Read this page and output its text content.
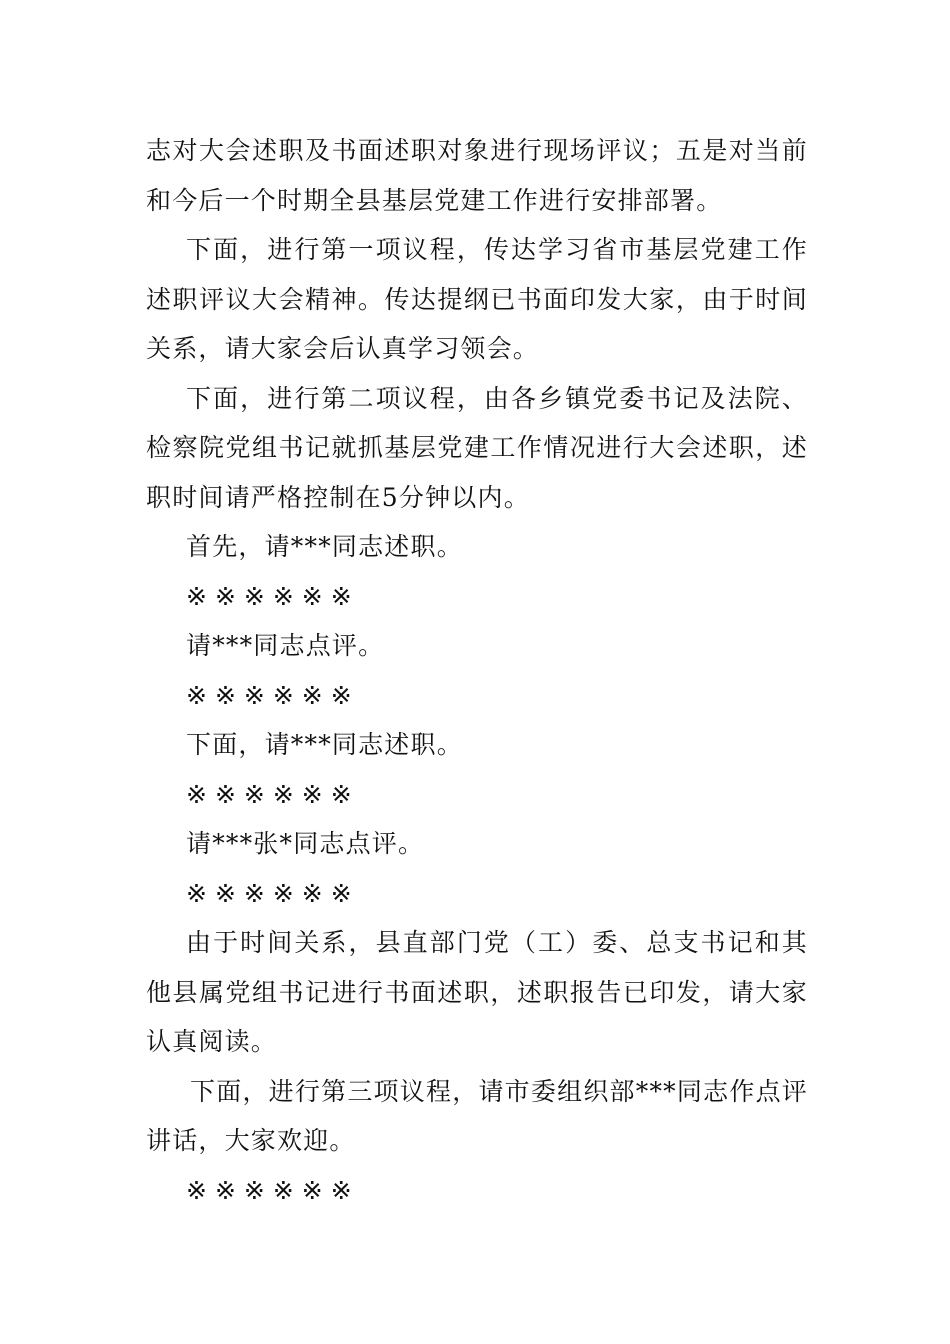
志对大会述职及书面述职对象进行现场评议；五是对当前和今后一个时期全县基层党建工作进行安排部署。

下面，进行第一项议程，传达学习省市基层党建工作述职评议大会精神。传达提纲已书面印发大家，由于时间关系，请大家会后认真学习领会。

下面，进行第二项议程，由各乡镇党委书记及法院、检察院党组书记就抓基层党建工作情况进行大会述职，述职时间请严格控制在5分钟以内。

首先，请***同志述职。

※※※※※※

请***同志点评。

※※※※※※

下面，请***同志述职。

※※※※※※

请***张*同志点评。

※※※※※※

由于时间关系，县直部门党（工）委、总支书记和其他县属党组书记进行书面述职，述职报告已印发，请大家认真阅读。

下面，进行第三项议程，请市委组织部***同志作点评讲话，大家欢迎。

※※※※※※
